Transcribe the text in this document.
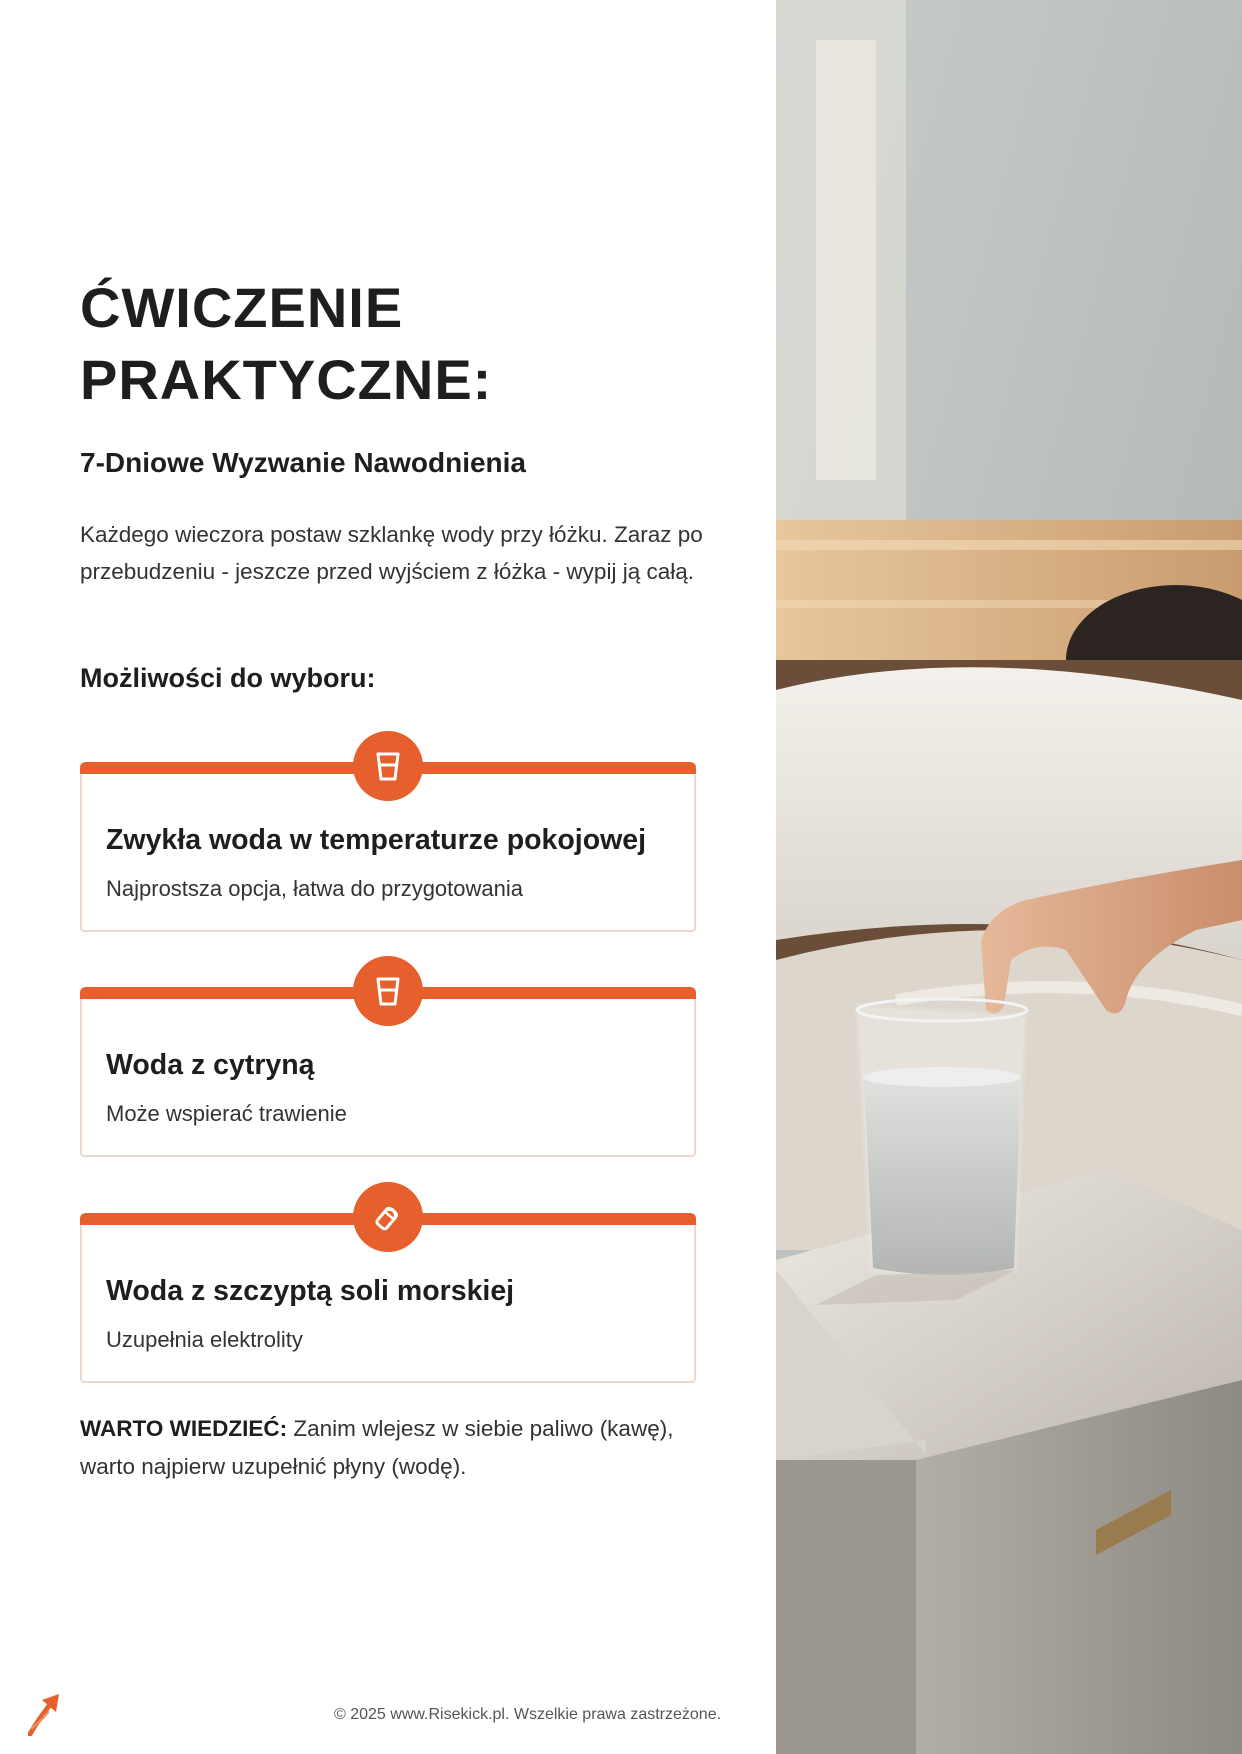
ĆWICZENIE
PRAKTYCZNE:
7-Dniowe Wyzwanie Nawodnienia

Każdego wieczora postaw szklankę wody przy łóżku. Zaraz po przebudzeniu - jeszcze przed wyjściem z łóżka - wypij ją całą.

Możliwości do wyboru:
Zwykła woda w temperaturze pokojowej
Najprostsza opcja, łatwa do przygotowania
Woda z cytryną
Może wspierać trawienie
Woda z szczyptą soli morskiej
Uzupełnia elektrolity

WARTO WIEDZIEĆ: Zanim wlejesz w siebie paliwo (kawę), warto najpierw uzupełnić płyny (wodę).

© 2025 www.Risekick.pl. Wszelkie prawa zastrzeżone.
